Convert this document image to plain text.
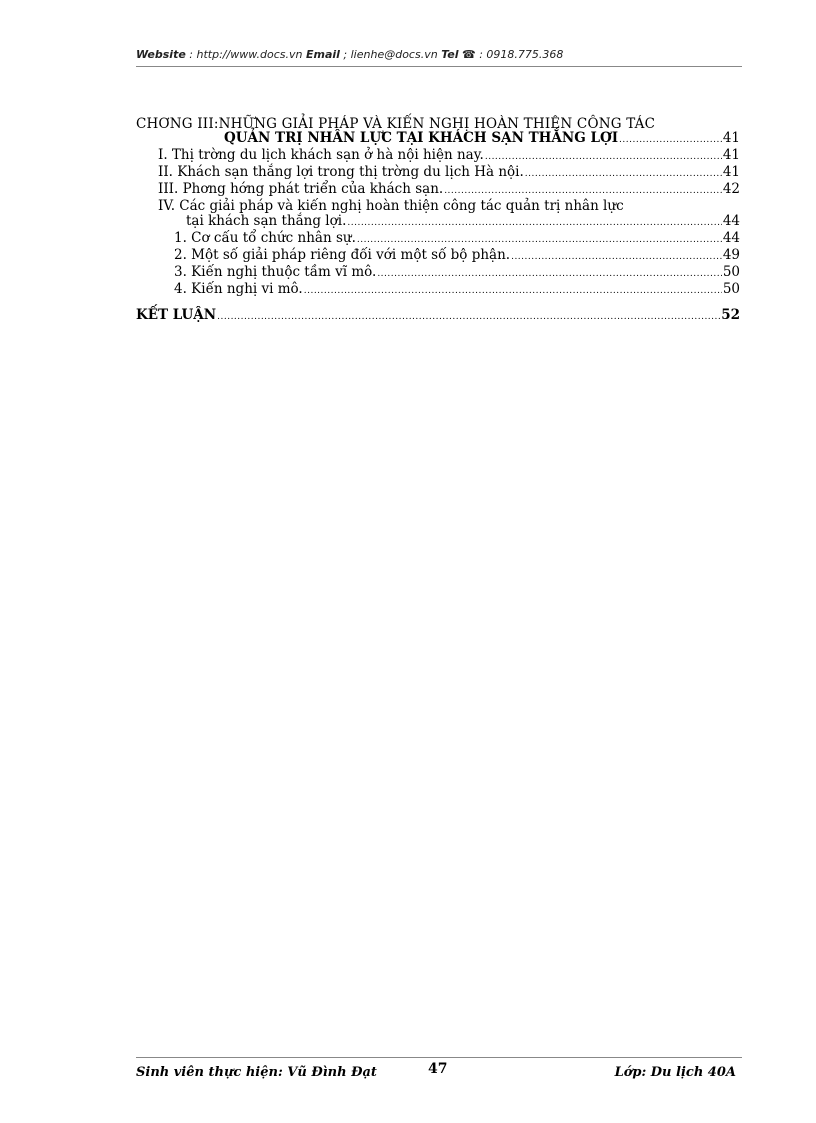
Website : http://www.docs.vn Email ; lienhe@docs.vn Tel ☎ : 0918.775.368
CHƠNG III:NHỮNG GIẢI PHÁP VÀ KIẾN NGHỊ HOÀN THIỆN CÔNG TÁC
QUẢN TRỊ NHÂN LỰC TẠI KHÁCH SẠN THẮNG LỢI .....	41
I. Thị trờng du lịch khách sạn ở hà nội hiện nay. .....	41
II. Khách sạn thắng lợi trong thị trờng du lịch Hà nội. .....	41
III. Phơng hớng phát triển của khách sạn. .....	42
IV. Các giải pháp và kiến nghị hoàn thiện công tác quản trị nhân lực
tại khách sạn thắng lợi. .....	44
1. Cơ cấu tổ chức nhân sự. .....	44
2. Một số giải pháp riêng đối với một số bộ phận. .....	49
3. Kiến nghị thuộc tầm vĩ mô. .....	50
4. Kiến nghị vi mô. .....	50
KẾT LUẬN .....	52
Sinh viên thực hiện: Vũ Đình Đạt	47	Lớp: Du lịch 40A
